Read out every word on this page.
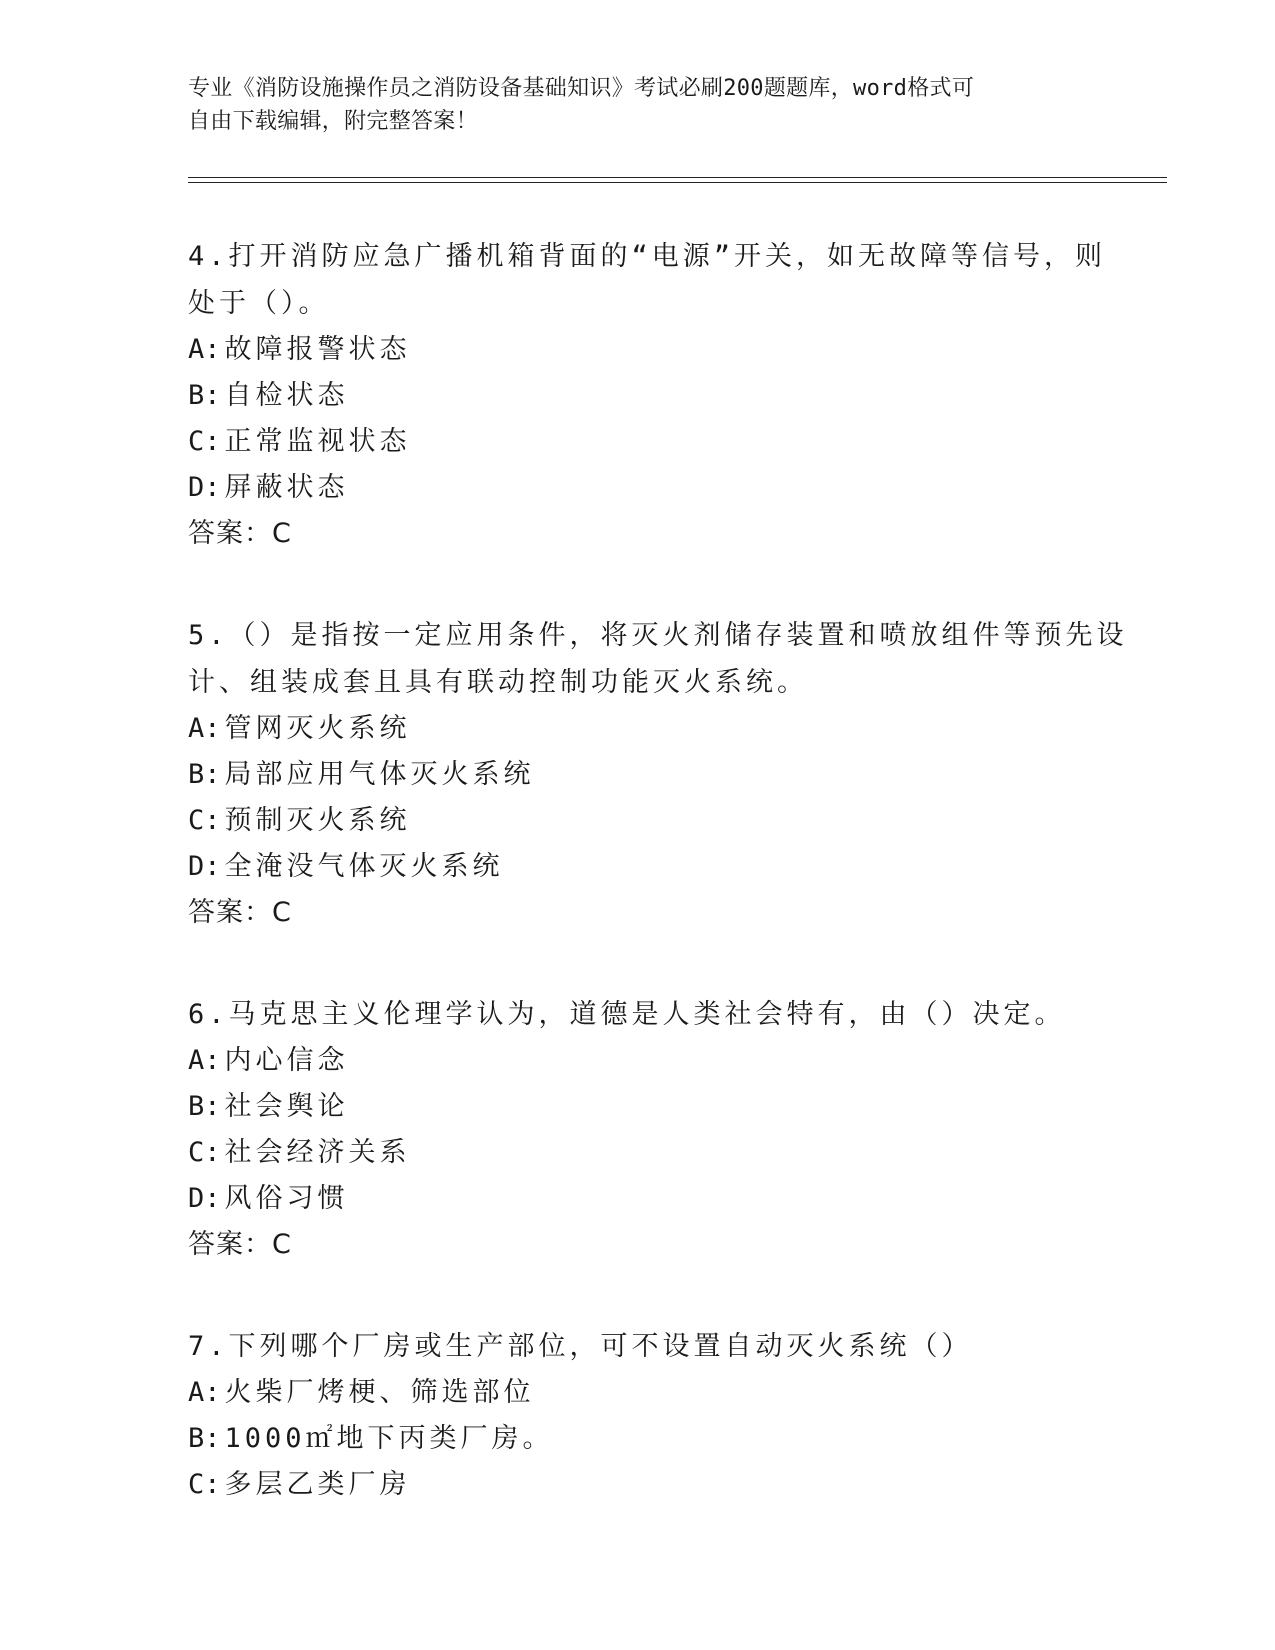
专业《消防设施操作员之消防设备基础知识》考试必刷200题题库，word格式可
自由下载编辑，附完整答案！
4.打开消防应急广播机箱背面的“电源”开关，如无故障等信号，则
处于（）。
A: 故障报警状态
B: 自检状态
C: 正常监视状态
D: 屏蔽状态
答案：C
5.（）是指按一定应用条件，将灭火剂储存装置和喷放组件等预先设
计、组装成套且具有联动控制功能灭火系统。
A: 管网灭火系统
B: 局部应用气体灭火系统
C: 预制灭火系统
D: 全淹没气体灭火系统
答案：C
6.马克思主义伦理学认为，道德是人类社会特有，由（）决定。
A: 内心信念
B: 社会舆论
C: 社会经济关系
D: 风俗习惯
答案：C
7.下列哪个厂房或生产部位，可不设置自动灭火系统（）
A: 火柴厂烤梗、筛选部位
B: 1000㎡地下丙类厂房。
C: 多层乙类厂房
